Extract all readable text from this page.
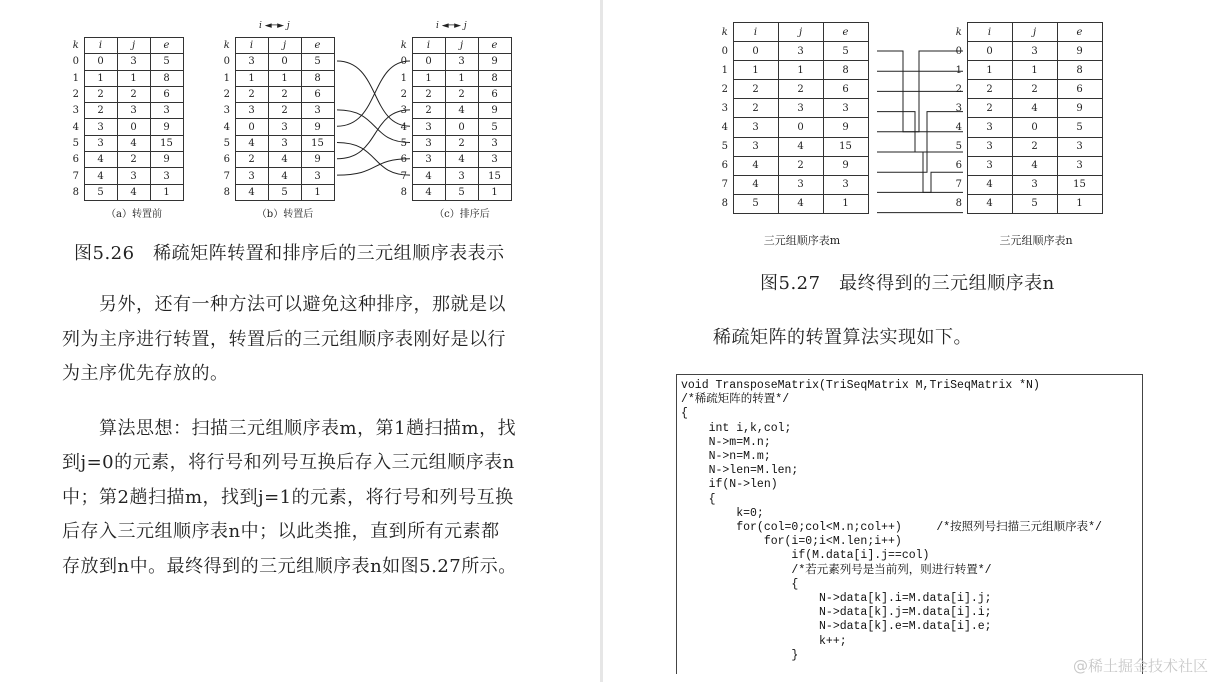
k	i	j	e
0	0	3	5
1	1	1	8
2	2	2	6
3	2	3	3
4	3	0	9
5	3	4	15
6	4	2	9
7	4	3	3
8	5	4	1
（a）转置前
k	i	j	e
0	3	0	5
1	1	1	8
2	2	2	6
3	3	2	3
4	0	3	9
5	4	3	15
6	2	4	9
7	3	4	3
8	4	5	1
（b）转置后
i ◄─► j
k	i	j	e
0	0	3	9
1	1	1	8
2	2	2	6
3	2	4	9
4	3	0	5
5	3	2	3
6	3	4	3
7	4	3	15
8	4	5	1
（c）排序后
i ◄─► j
图5.26　稀疏矩阵转置和排序后的三元组顺序表表示
　　另外，还有一种方法可以避免这种排序，那就是以
列为主序进行转置，转置后的三元组顺序表刚好是以行
为主序优先存放的。
　　算法思想：扫描三元组顺序表m，第1趟扫描m，找
到j=0的元素，将行号和列号互换后存入三元组顺序表n
中；第2趟扫描m，找到j=1的元素，将行号和列号互换
后存入三元组顺序表n中；以此类推，直到所有元素都
存放到n中。最终得到的三元组顺序表n如图5.27所示。
k	i	j	e
0	0	3	5
1	1	1	8
2	2	2	6
3	2	3	3
4	3	0	9
5	3	4	15
6	4	2	9
7	4	3	3
8	5	4	1
三元组顺序表m
k	i	j	e
0	0	3	9
1	1	1	8
2	2	2	6
3	2	4	9
4	3	0	5
5	3	2	3
6	3	4	3
7	4	3	15
8	4	5	1
三元组顺序表n
图5.27　最终得到的三元组顺序表n
稀疏矩阵的转置算法实现如下。
void TransposeMatrix(TriSeqMatrix M,TriSeqMatrix *N)
/*稀疏矩阵的转置*/
{
int i,k,col;
N->m=M.n;
N->n=M.m;
N->len=M.len;
if(N->len)
{
k=0;
for(col=0;col<M.n;col++)     /*按照列号扫描三元组顺序表*/
for(i=0;i<M.len;i++)
if(M.data[i].j==col)
/*若元素列号是当前列，则进行转置*/
{
N->data[k].i=M.data[i].j;
N->data[k].j=M.data[i].i;
N->data[k].e=M.data[i].e;
k++;
}
@稀土掘金技术社区
